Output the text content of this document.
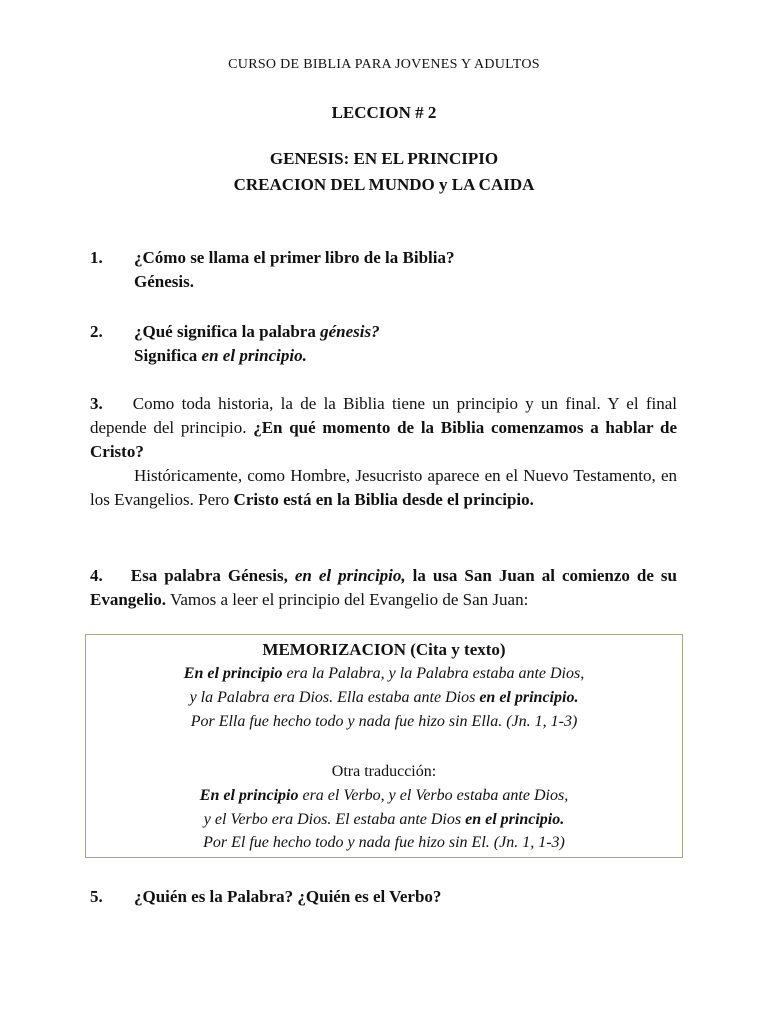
CURSO DE BIBLIA PARA JOVENES Y ADULTOS
LECCION # 2
GENESIS: EN EL PRINCIPIO
CREACION DEL MUNDO y LA CAIDA
1. ¿Cómo se llama el primer libro de la Biblia?
Génesis.
2. ¿Qué significa la palabra génesis?
Significa en el principio.
3. Como toda historia, la de la Biblia tiene un principio y un final. Y el final depende del principio. ¿En qué momento de la Biblia comenzamos a hablar de Cristo?
Históricamente, como Hombre, Jesucristo aparece en el Nuevo Testamento, en los Evangelios. Pero Cristo está en la Biblia desde el principio.
4. Esa palabra Génesis, en el principio, la usa San Juan al comienzo de su Evangelio. Vamos a leer el principio del Evangelio de San Juan:
MEMORIZACION (Cita y texto)
En el principio era la Palabra, y la Palabra estaba ante Dios,
y la Palabra era Dios. Ella estaba ante Dios en el principio.
Por Ella fue hecho todo y nada fue hizo sin Ella. (Jn. 1, 1-3)
Otra traducción:
En el principio era el Verbo, y el Verbo estaba ante Dios,
y el Verbo era Dios. El estaba ante Dios en el principio.
Por El fue hecho todo y nada fue hizo sin El. (Jn. 1, 1-3)
5. ¿Quién es la Palabra? ¿Quién es el Verbo?
